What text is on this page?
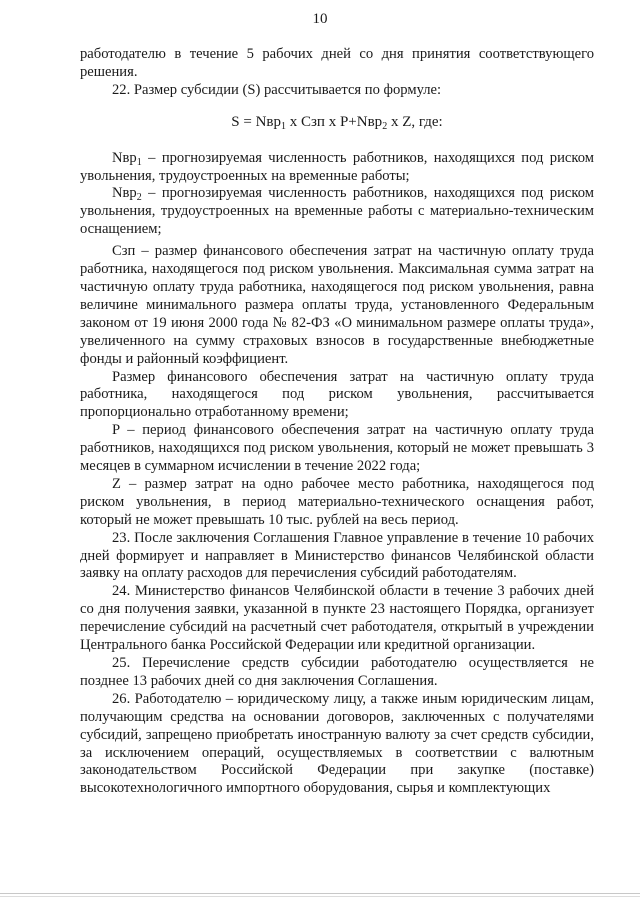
10

работодателю в течение 5 рабочих дней со дня принятия соответствующего решения.

22. Размер субсидии (S) рассчитывается по формуле:

S = Nвр$_1$ x Сзп x P+Nвр$_2$ x Z, где:

Nвр$_1$ – прогнозируемая численность работников, находящихся под риском увольнения, трудоустроенных на временные работы;

Nвр$_2$ – прогнозируемая численность работников, находящихся под риском увольнения, трудоустроенных на временные работы с материально-техническим оснащением;

Сзп – размер финансового обеспечения затрат на частичную оплату труда работника, находящегося под риском увольнения. Максимальная сумма затрат на частичную оплату труда работника, находящегося под риском увольнения, равна величине минимального размера оплаты труда, установленного Федеральным законом от 19 июня 2000 года № 82-ФЗ «О минимальном размере оплаты труда», увеличенного на сумму страховых взносов в государственные внебюджетные фонды и районный коэффициент.

Размер финансового обеспечения затрат на частичную оплату труда работника, находящегося под риском увольнения, рассчитывается пропорционально отработанному времени;

P – период финансового обеспечения затрат на частичную оплату труда работников, находящихся под риском увольнения, который не может превышать 3 месяцев в суммарном исчислении в течение 2022 года;

Z – размер затрат на одно рабочее место работника, находящегося под риском увольнения, в период материально-технического оснащения работ, который не может превышать 10 тыс. рублей на весь период.

23. После заключения Соглашения Главное управление в течение 10 рабочих дней формирует и направляет в Министерство финансов Челябинской области заявку на оплату расходов для перечисления субсидий работодателям.

24. Министерство финансов Челябинской области в течение 3 рабочих дней со дня получения заявки, указанной в пункте 23 настоящего Порядка, организует перечисление субсидий на расчетный счет работодателя, открытый в учреждении Центрального банка Российской Федерации или кредитной организации.

25. Перечисление средств субсидии работодателю осуществляется не позднее 13 рабочих дней со дня заключения Соглашения.

26. Работодателю – юридическому лицу, а также иным юридическим лицам, получающим средства на основании договоров, заключенных с получателями субсидий, запрещено приобретать иностранную валюту за счет средств субсидии, за исключением операций, осуществляемых в соответствии с валютным законодательством Российской Федерации при закупке (поставке) высокотехнологичного импортного оборудования, сырья и комплектующих
